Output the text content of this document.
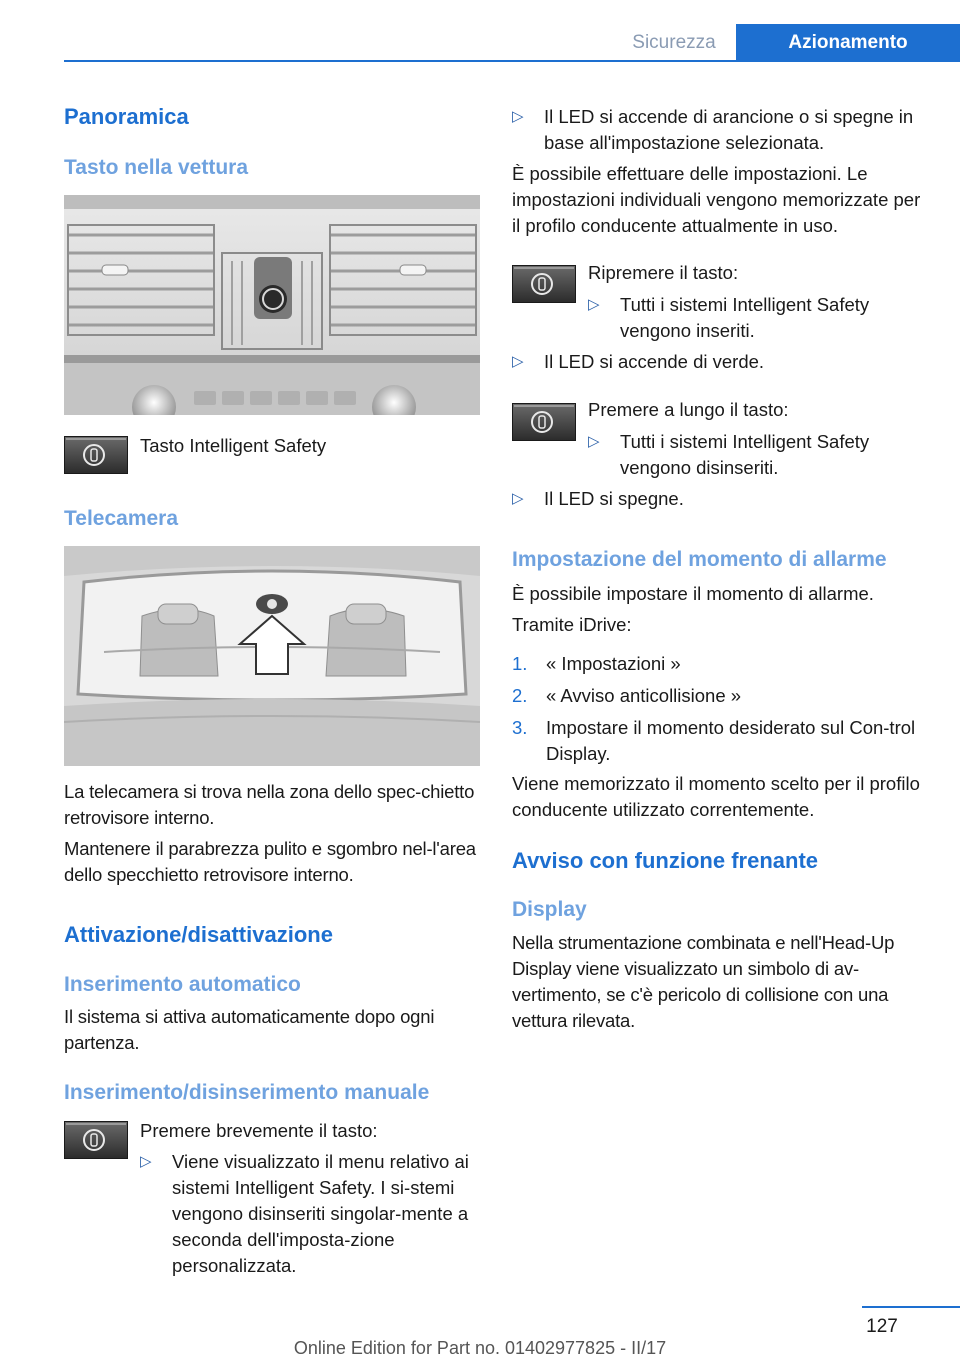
Sicurezza	Azionamento
Panoramica
Tasto nella vettura
Tasto Intelligent Safety
Telecamera
La telecamera si trova nella zona dello spec-chietto retrovisore interno.
Mantenere il parabrezza pulito e sgombro nel-l'area dello specchietto retrovisore interno.
Attivazione/disattivazione
Inserimento automatico
Il sistema si attiva automaticamente dopo ogni partenza.
Inserimento/disinserimento manuale
Premere brevemente il tasto:
▷ Viene visualizzato il menu relativo ai sistemi Intelligent Safety. I si-stemi vengono disinseriti singolar-mente a seconda dell'imposta-zione personalizzata.
▷ Il LED si accende di arancione o si spegne in base all'impostazione selezionata.
È possibile effettuare delle impostazioni. Le impostazioni individuali vengono memorizzate per il profilo conducente attualmente in uso.
Ripremere il tasto:
▷ Tutti i sistemi Intelligent Safety vengono inseriti.
▷ Il LED si accende di verde.
Premere a lungo il tasto:
▷ Tutti i sistemi Intelligent Safety vengono disinseriti.
▷ Il LED si spegne.
Impostazione del momento di allarme
È possibile impostare il momento di allarme.
Tramite iDrive:
1. « Impostazioni »
2. « Avviso anticollisione »
3. Impostare il momento desiderato sul Con-trol Display.
Viene memorizzato il momento scelto per il profilo conducente utilizzato correntemente.
Avviso con funzione frenante
Display
Nella strumentazione combinata e nell'Head-Up Display viene visualizzato un simbolo di av-vertimento, se c'è pericolo di collisione con una vettura rilevata.
127
Online Edition for Part no. 01402977825 - II/17
